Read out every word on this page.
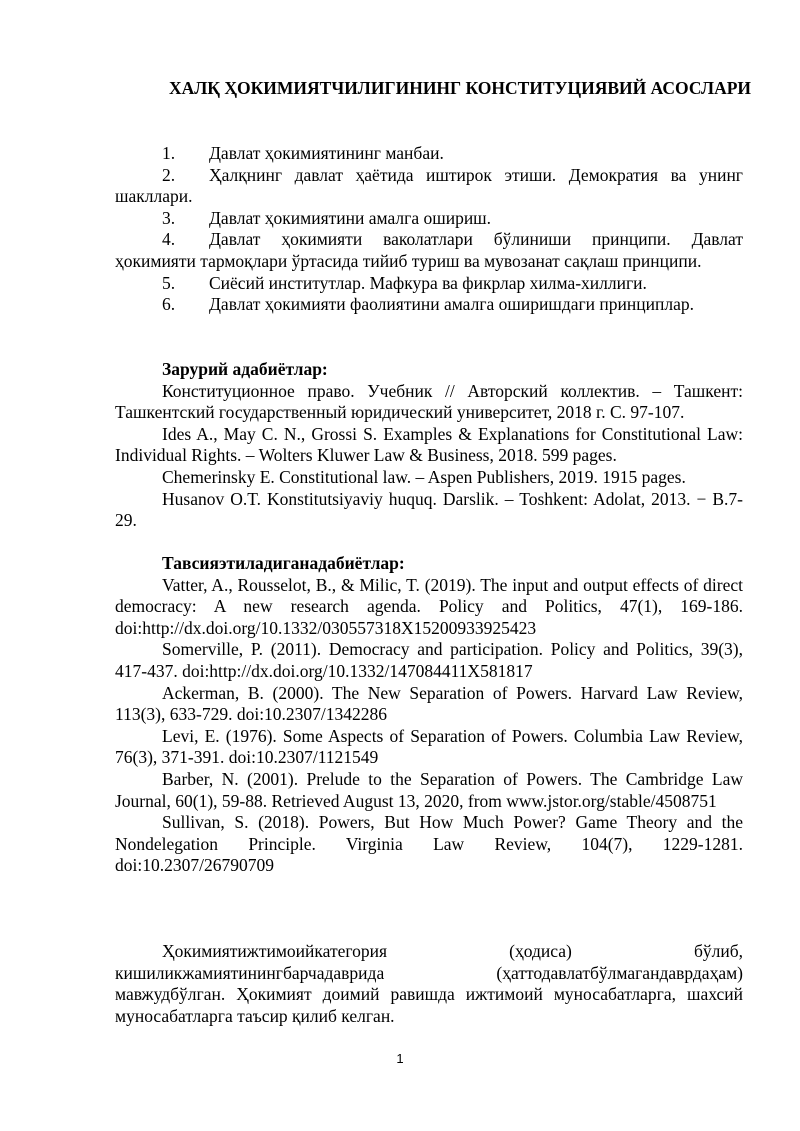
ХАЛҚ ҲОКИМИЯТЧИЛИГИНИНГ КОНСТИТУЦИЯВИЙ АСОСЛАРИ
1. Давлат ҳокимиятининг манбаи.
2. Ҳалқнинг давлат ҳаётида иштирок этиши. Демократия ва унинг шакллари.
3. Давлат ҳокимиятини амалга ошириш.
4. Давлат ҳокимияти ваколатлари бўлиниши принципи. Давлат ҳокимияти тармоқлари ўртасида тийиб туриш ва мувозанат сақлаш принципи.
5. Сиёсий институтлар. Мафкура ва фикрлар хилма-хиллиги.
6. Давлат ҳокимияти фаолиятини амалга оширишдаги принциплар.
Зарурий адабиётлар:
Конституционное право. Учебник // Авторский коллектив. – Ташкент: Ташкентский государственный юридический университет, 2018 г. С. 97-107.
Ides A., May C. N., Grossi S. Examples & Explanations for Constitutional Law: Individual Rights. – Wolters Kluwer Law & Business, 2018. 599 pages.
Chemerinsky E. Constitutional law. – Aspen Publishers, 2019. 1915 pages.
Husanov O.T. Konstitutsiyaviy huquq. Darslik. – Toshkent: Adolat, 2013. − B.7-29.
Тавсияэтиладиганадабиётлар:
Vatter, A., Rousselot, B., & Milic, T. (2019). The input and output effects of direct democracy: A new research agenda. Policy and Politics, 47(1), 169-186. doi:http://dx.doi.org/10.1332/030557318X15200933925423
Somerville, P. (2011). Democracy and participation. Policy and Politics, 39(3), 417-437. doi:http://dx.doi.org/10.1332/147084411X581817
Ackerman, B. (2000). The New Separation of Powers. Harvard Law Review, 113(3), 633-729. doi:10.2307/1342286
Levi, E. (1976). Some Aspects of Separation of Powers. Columbia Law Review, 76(3), 371-391. doi:10.2307/1121549
Barber, N. (2001). Prelude to the Separation of Powers. The Cambridge Law Journal, 60(1), 59-88. Retrieved August 13, 2020, from www.jstor.org/stable/4508751
Sullivan, S. (2018). Powers, But How Much Power? Game Theory and the Nondelegation Principle. Virginia Law Review, 104(7), 1229-1281. doi:10.2307/26790709
Ҳокимиятижтимоийкатегория	(ҳодиса)	бўлиб,
кишиликжамиятинингбарчадаврида	(ҳаттодавлатбўлмагандаврдаҳам)
мавжудбўлган. Ҳокимият доимий равишда ижтимоий муносабатларга, шахсий муносабатларга таъсир қилиб келган.
1
